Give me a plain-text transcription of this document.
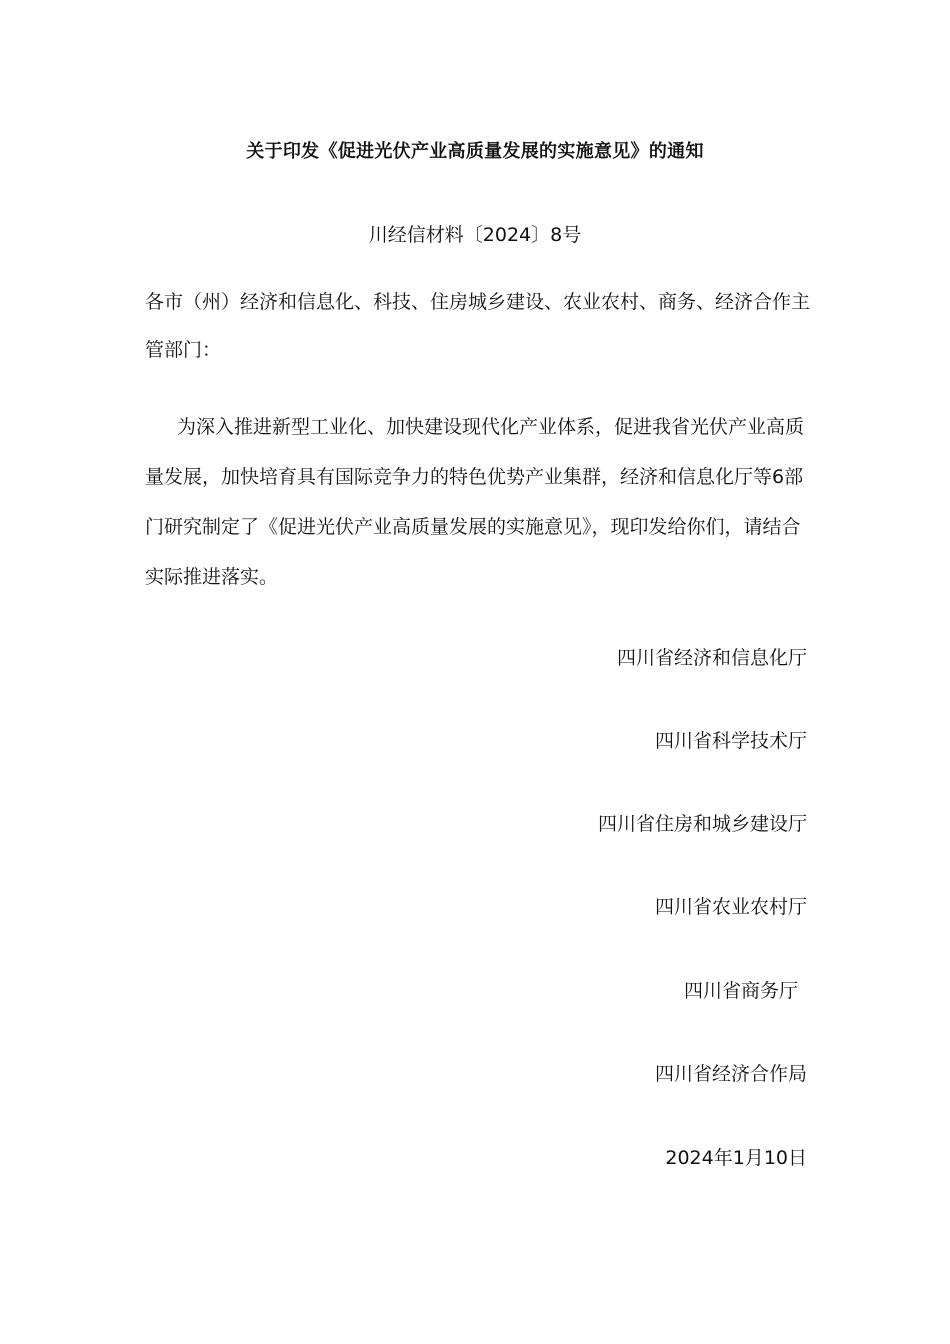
关于印发《促进光伏产业高质量发展的实施意见》的通知
川经信材料〔2024〕8号
各市（州）经济和信息化、科技、住房城乡建设、农业农村、商务、经济合作主管部门：
为深入推进新型工业化、加快建设现代化产业体系，促进我省光伏产业高质量发展，加快培育具有国际竞争力的特色优势产业集群，经济和信息化厅等6部门研究制定了《促进光伏产业高质量发展的实施意见》，现印发给你们，请结合实际推进落实。
四川省经济和信息化厅
四川省科学技术厅
四川省住房和城乡建设厅
四川省农业农村厅
四川省商务厅
四川省经济合作局
2024年1月10日
